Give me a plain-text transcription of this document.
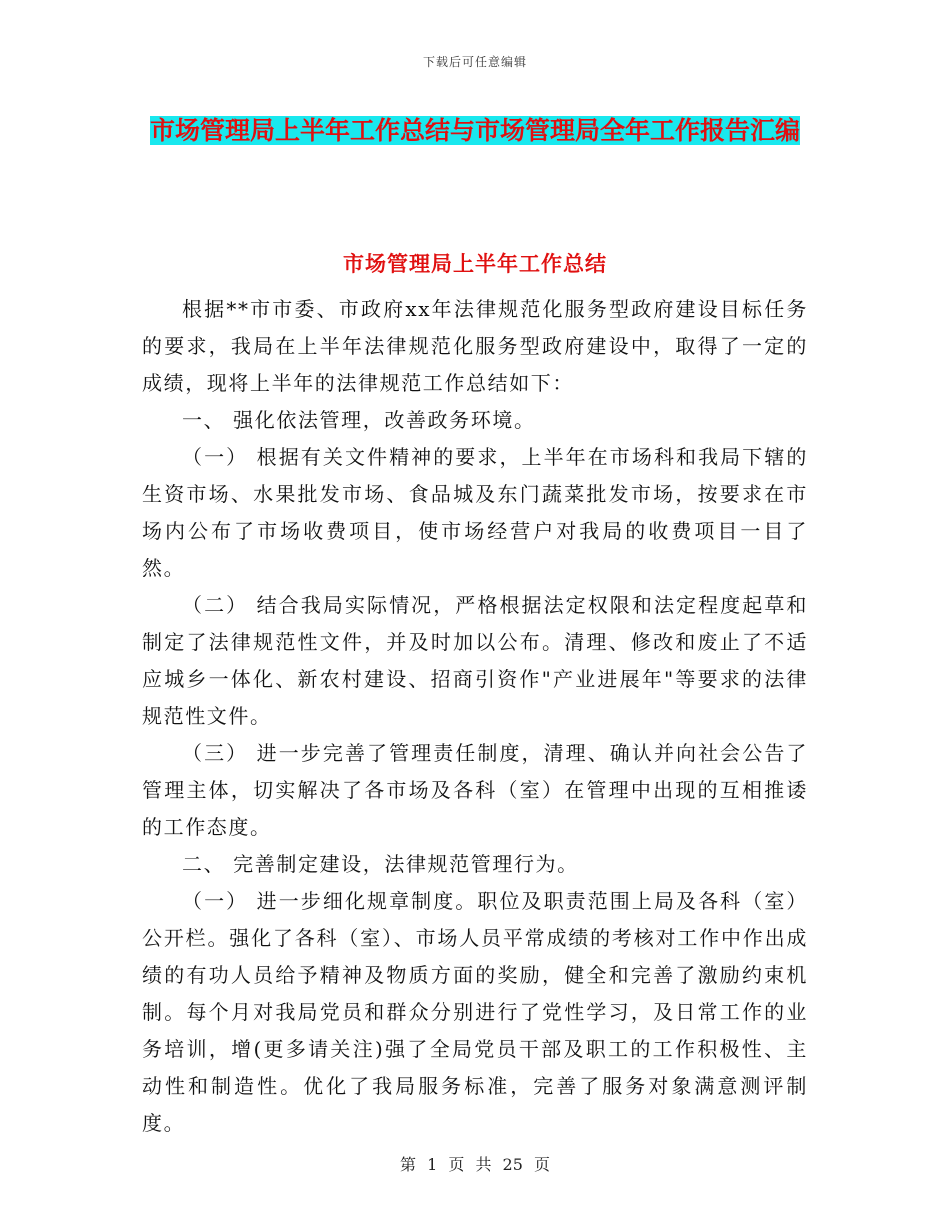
下载后可任意编辑
市场管理局上半年工作总结与市场管理局全年工作报告汇编
市场管理局上半年工作总结

根据**市市委、市政府xx年法律规范化服务型政府建设目标任务的要求，我局在上半年法律规范化服务型政府建设中，取得了一定的成绩，现将上半年的法律规范工作总结如下：

一、 强化依法管理，改善政务环境。

（一） 根据有关文件精神的要求，上半年在市场科和我局下辖的生资市场、水果批发市场、食品城及东门蔬菜批发市场，按要求在市场内公布了市场收费项目，使市场经营户对我局的收费项目一目了然。

（二） 结合我局实际情况，严格根据法定权限和法定程度起草和制定了法律规范性文件，并及时加以公布。清理、修改和废止了不适应城乡一体化、新农村建设、招商引资作"产业进展年"等要求的法律规范性文件。

（三） 进一步完善了管理责任制度，清理、确认并向社会公告了管理主体，切实解决了各市场及各科（室）在管理中出现的互相推诿的工作态度。

二、 完善制定建设，法律规范管理行为。

（一） 进一步细化规章制度。职位及职责范围上局及各科（室）公开栏。强化了各科（室）、市场人员平常成绩的考核对工作中作出成绩的有功人员给予精神及物质方面的奖励，健全和完善了激励约束机制。每个月对我局党员和群众分别进行了党性学习，及日常工作的业务培训，增(更多请关注)强了全局党员干部及职工的工作积极性、主动性和制造性。优化了我局服务标准，完善了服务对象满意测评制度。

第 1 页 共 25 页
